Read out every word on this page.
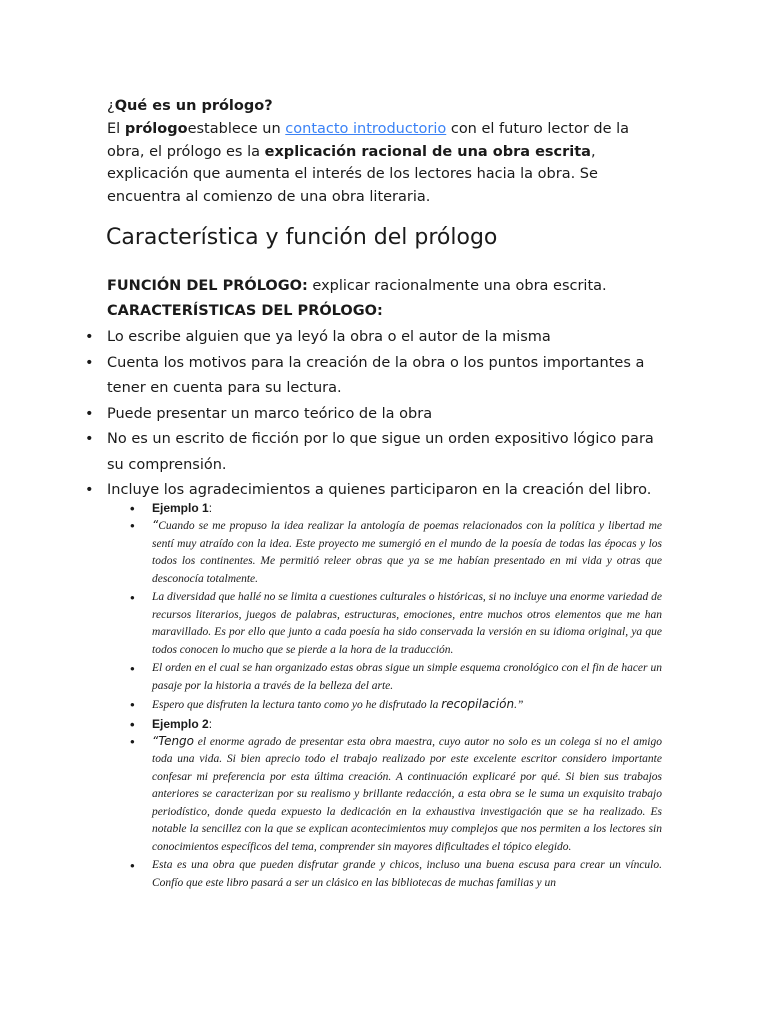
¿Qué es un prólogo?

El prólogoestablece un contacto introductorio con el futuro lector de la obra, el prólogo es la explicación racional de una obra escrita, explicación que aumenta el interés de los lectores hacia la obra. Se encuentra al comienzo de una obra literaria.

Característica y función del prólogo
FUNCIÓN DEL PRÓLOGO: explicar racionalmente una obra escrita.
CARACTERÍSTICAS DEL PRÓLOGO:
• Lo escribe alguien que ya leyó la obra o el autor de la misma
• Cuenta los motivos para la creación de la obra o los puntos importantes a tener en cuenta para su lectura.
• Puede presentar un marco teórico de la obra
• No es un escrito de ficción por lo que sigue un orden expositivo lógico para su comprensión.
• Incluye los agradecimientos a quienes participaron en la creación del libro.
• Ejemplo 1:
• “Cuando se me propuso la idea realizar la antología de poemas relacionados con la política y libertad me sentí muy atraído con la idea. Este proyecto me sumergió en el mundo de la poesía de todas las épocas y los todos los continentes. Me permitió releer obras que ya se me habían presentado en mi vida y otras que desconocía totalmente.
• La diversidad que hallé no se limita a cuestiones culturales o históricas, si no incluye una enorme variedad de recursos literarios, juegos de palabras, estructuras, emociones, entre muchos otros elementos que me han maravillado. Es por ello que junto a cada poesía ha sido conservada la versión en su idioma original, ya que todos conocen lo mucho que se pierde a la hora de la traducción.
• El orden en el cual se han organizado estas obras sigue un simple esquema cronológico con el fin de hacer un pasaje por la historia a través de la belleza del arte.
• Espero que disfruten la lectura tanto como yo he disfrutado la recopilación.”
• Ejemplo 2:
• “Tengo el enorme agrado de presentar esta obra maestra, cuyo autor no solo es un colega si no el amigo toda una vida. Si bien aprecio todo el trabajo realizado por este excelente escritor considero importante confesar mi preferencia por esta última creación. A continuación explicaré por qué. Si bien sus trabajos anteriores se caracterizan por su realismo y brillante redacción, a esta obra se le suma un exquisito trabajo periodístico, donde queda expuesto la dedicación en la exhaustiva investigación que se ha realizado. Es notable la sencillez con la que se explican acontecimientos muy complejos que nos permiten a los lectores sin conocimientos específicos del tema, comprender sin mayores dificultades el tópico elegido.
• Esta es una obra que pueden disfrutar grande y chicos, incluso una buena escusa para crear un vínculo. Confío que este libro pasará a ser un clásico en las bibliotecas de muchas familias y un
